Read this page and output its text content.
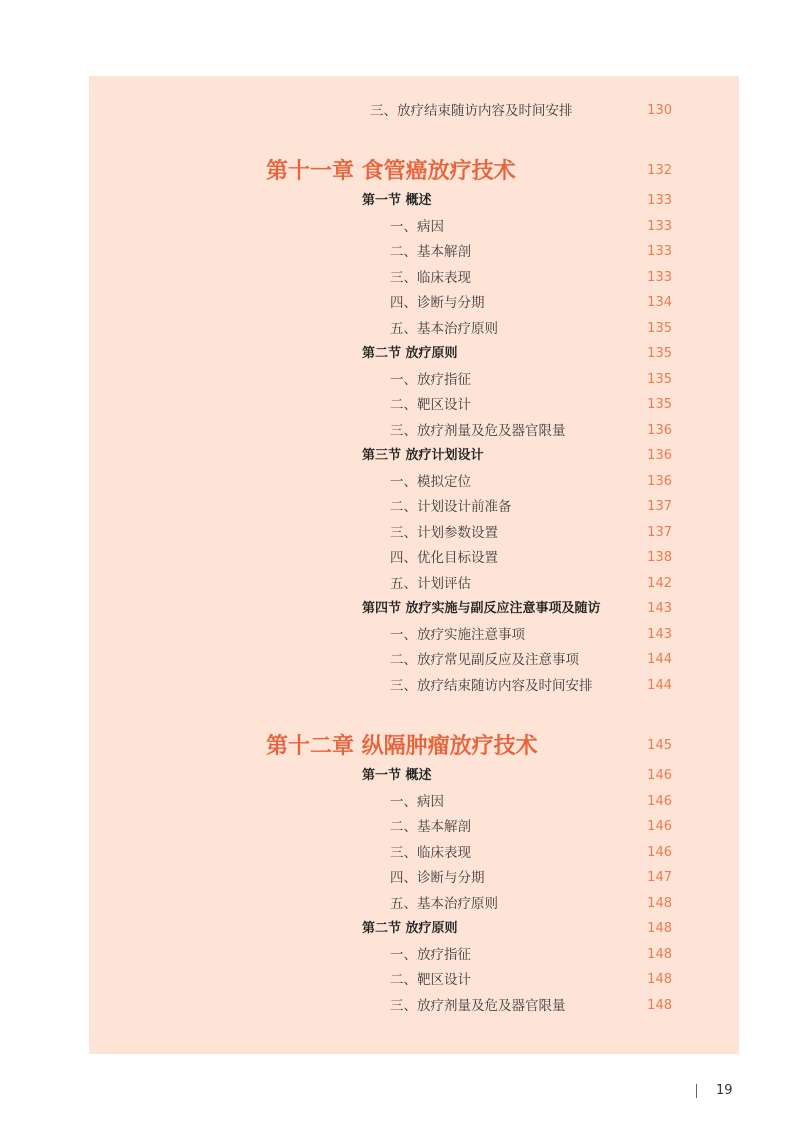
三、放疗结束随访内容及时间安排	130
第十一章 食管癌放疗技术	132
第一节 概述	133
一、病因	133
二、基本解剖	133
三、临床表现	133
四、诊断与分期	134
五、基本治疗原则	135
第二节 放疗原则	135
一、放疗指征	135
二、靶区设计	135
三、放疗剂量及危及器官限量	136
第三节 放疗计划设计	136
一、模拟定位	136
二、计划设计前准备	137
三、计划参数设置	137
四、优化目标设置	138
五、计划评估	142
第四节 放疗实施与副反应注意事项及随访	143
一、放疗实施注意事项	143
二、放疗常见副反应及注意事项	144
三、放疗结束随访内容及时间安排	144
第十二章 纵隔肿瘤放疗技术	145
第一节 概述	146
一、病因	146
二、基本解剖	146
三、临床表现	146
四、诊断与分期	147
五、基本治疗原则	148
第二节 放疗原则	148
一、放疗指征	148
二、靶区设计	148
三、放疗剂量及危及器官限量	148
19
